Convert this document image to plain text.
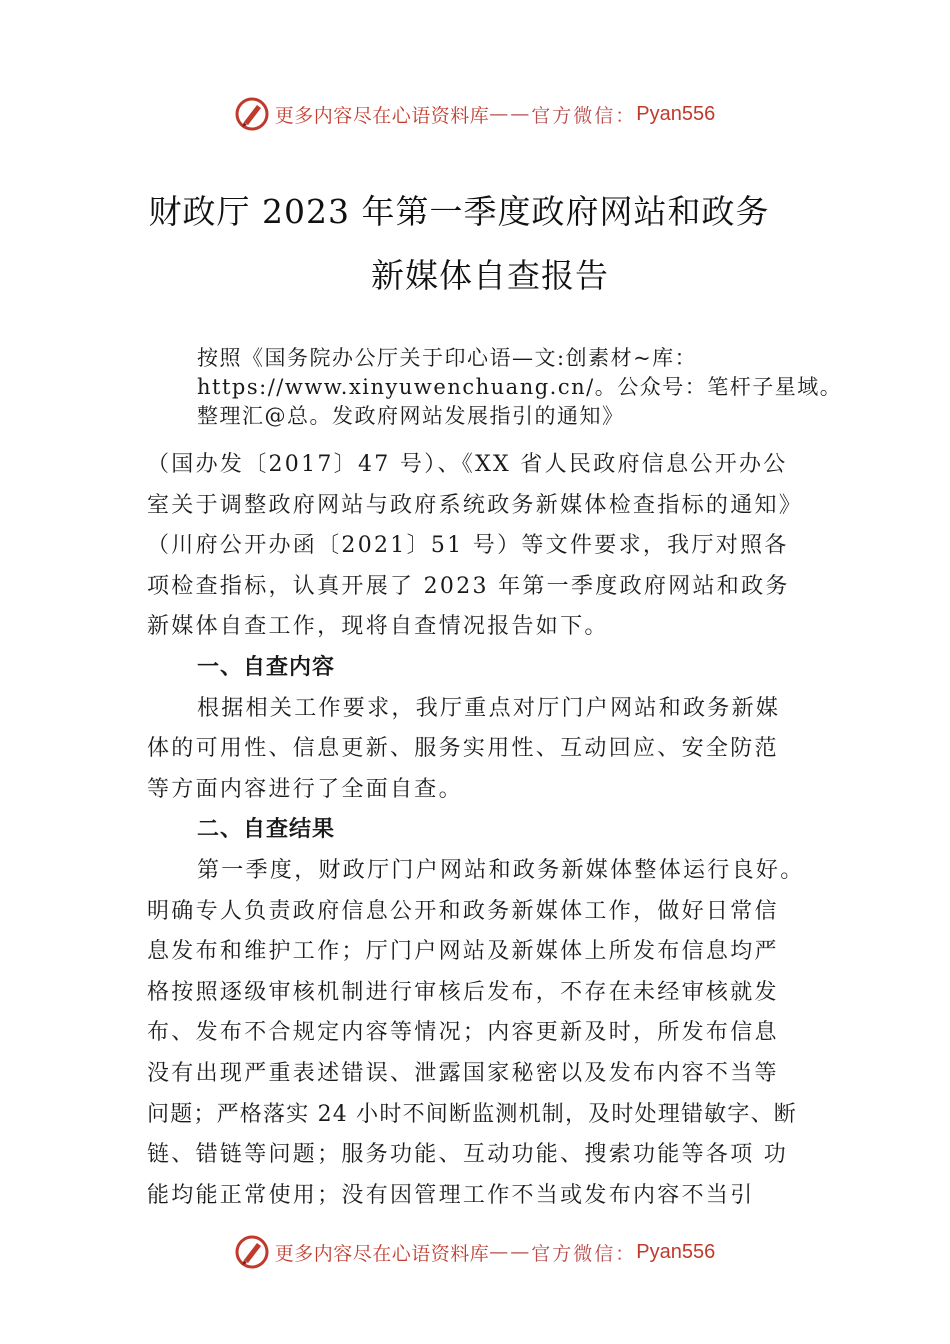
更多内容尽在心语资料库 —— 官方微信： Pyan556
财政厅 2023 年第一季度政府网站和政务
新媒体自查报告
按照《国务院办公厅关于印心语—文:创素材~库：
https://www.xinyuwenchuang.cn/。公众号：笔杆子星域。
整理汇@总。发政府网站发展指引的通知》
（国办发〔2017〕47 号）、《XX 省人民政府信息公开办公
室关于调整政府网站与政府系统政务新媒体检查指标的通知》
（川府公开办函〔2021〕51 号）等文件要求，我厅对照各
项检查指标，认真开展了 2023 年第一季度政府网站和政务
新媒体自查工作，现将自查情况报告如下。
一、自查内容
根据相关工作要求，我厅重点对厅门户网站和政务新媒
体的可用性、信息更新、服务实用性、互动回应、安全防范
等方面内容进行了全面自查。
二、自查结果
第一季度，财政厅门户网站和政务新媒体整体运行良好。
明确专人负责政府信息公开和政务新媒体工作，做好日常信
息发布和维护工作；厅门户网站及新媒体上所发布信息均严
格按照逐级审核机制进行审核后发布，不存在未经审核就发
布、发布不合规定内容等情况；内容更新及时，所发布信息
没有出现严重表述错误、泄露国家秘密以及发布内容不当等
问题；严格落实 24 小时不间断监测机制，及时处理错敏字、断
链、错链等问题；服务功能、互动功能、搜索功能等各项 功
能均能正常使用；没有因管理工作不当或发布内容不当引
更多内容尽在心语资料库 —— 官方微信： Pyan556
